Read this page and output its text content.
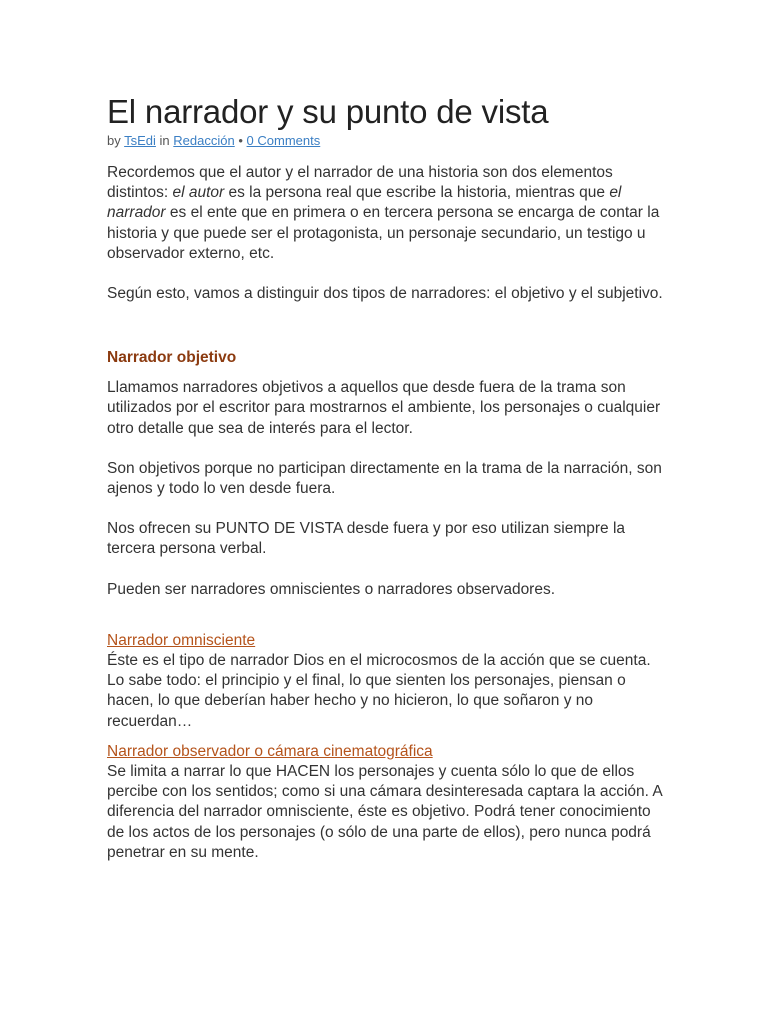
El narrador y su punto de vista
by TsEdi in Redacción • 0 Comments

Recordemos que el autor y el narrador de una historia son dos elementos distintos: el autor es la persona real que escribe la historia, mientras que el narrador es el ente que en primera o en tercera persona se encarga de contar la historia y que puede ser el protagonista, un personaje secundario, un testigo u observador externo, etc.

Según esto, vamos a distinguir dos tipos de narradores: el objetivo y el subjetivo.

Narrador objetivo

Llamamos narradores objetivos a aquellos que desde fuera de la trama son utilizados por el escritor para mostrarnos el ambiente, los personajes o cualquier otro detalle que sea de interés para el lector.

Son objetivos porque no participan directamente en la trama de la narración, son ajenos y todo lo ven desde fuera.

Nos ofrecen su PUNTO DE VISTA desde fuera y por eso utilizan siempre la tercera persona verbal.

Pueden ser narradores omniscientes o narradores observadores.

Narrador omnisciente

Éste es el tipo de narrador Dios en el microcosmos de la acción que se cuenta. Lo sabe todo: el principio y el final, lo que sienten los personajes, piensan o hacen, lo que deberían haber hecho y no hicieron, lo que soñaron y no recuerdan…

Narrador observador o cámara cinematográfica

Se limita a narrar lo que HACEN los personajes y cuenta sólo lo que de ellos percibe con los sentidos; como si una cámara desinteresada captara la acción. A diferencia del narrador omnisciente, éste es objetivo. Podrá tener conocimiento de los actos de los personajes (o sólo de una parte de ellos), pero nunca podrá penetrar en su mente.
